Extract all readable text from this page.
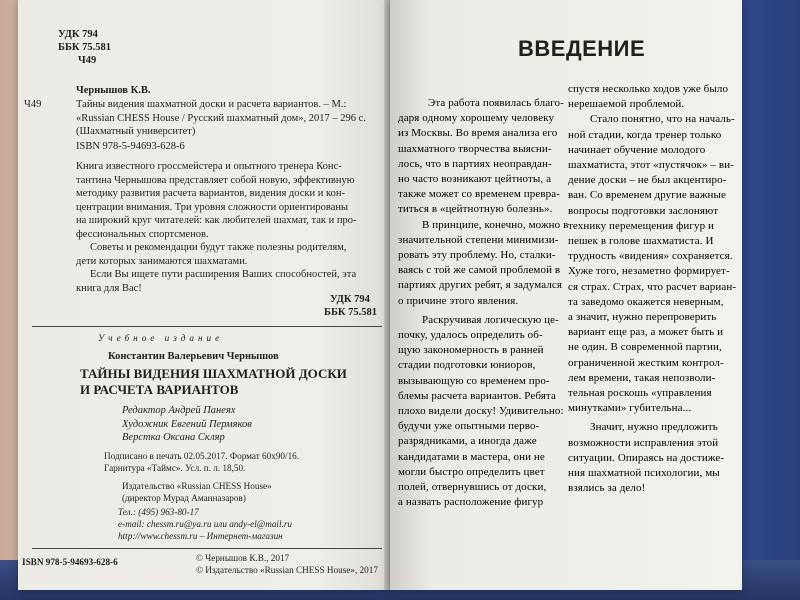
УДК 794
ББК 75.581
Ч49
Чернышов К.В.
Ч49	Тайны видения шахматной доски и расчета вариантов. – М.:
«Russian CHESS House / Русский шахматный дом», 2017 – 296 с.
(Шахматный университет)
ISBN 978-5-94693-628-6
Книга известного гроссмейстера и опытного тренера Конс-
тантина Чернышова представляет собой новую, эффективную
методику развития расчета вариантов, видения доски и кон-
центрации внимания. Три уровня сложности ориентированы
на широкий круг читателей: как любителей шахмат, так и про-
фессиональных спортсменов.
Советы и рекомендации будут также полезны родителям,
дети которых занимаются шахматами.
Если Вы ищете пути расширения Ваших способностей, эта
книга для Вас!
УДК 794
ББК 75.581
Учебное издание
Константин Валерьевич Чернышов
ТАЙНЫ ВИДЕНИЯ ШАХМАТНОЙ ДОСКИ
И РАСЧЕТА ВАРИАНТОВ
Редактор Андрей Панеях
Художник Евгений Пермяков
Верстка Оксана Скляр
Подписано в печать 02.05.2017. Формат 60x90/16.
Гарнитура «Таймс». Усл. п. л. 18,50.
Издательство «Russian CHESS House»
(директор Мурад Аманназаров)
Тел.: (495) 963-80-17
e-mail: chessm.ru@ya.ru или andy-el@mail.ru
http://www.chessm.ru – Интернет-магазин
ISBN 978-5-94693-628-6	© Чернышов К.В., 2017
© Издательство «Russian CHESS House», 2017
ВВЕДЕНИЕ
Эта работа появилась благо-
даря одному хорошему человеку
из Москвы. Во время анализа его
шахматного творчества выясни-
лось, что в партиях неоправдан-
но часто возникают цейтноты, а
также может со временем превра-
титься в «цейтнотную болезнь».
В принципе, конечно, можно в
значительной степени минимизи-
ровать эту проблему. Но, сталки-
ваясь с той же самой проблемой в
партиях других ребят, я задумался
о причине этого явления.
Раскручивая логическую це-
почку, удалось определить об-
щую закономерность в ранней
стадии подготовки юниоров,
вызывающую со временем про-
блемы расчета вариантов. Ребята
плохо видели доску! Удивительно:
будучи уже опытными перво-
разрядниками, а иногда даже
кандидатами в мастера, они не
могли быстро определить цвет
полей, отвернувшись от доски,
а назвать расположение фигур
спустя несколько ходов уже было
нерешаемой проблемой.
Стало понятно, что на началь-
ной стадии, когда тренер только
начинает обучение молодого
шахматиста, этот «пустячок» – ви-
дение доски – не был акцентиро-
ван. Со временем другие важные
вопросы подготовки заслоняют
технику перемещения фигур и
пешек в голове шахматиста. И
трудность «видения» сохраняется.
Хуже того, незаметно формирует-
ся страх. Страх, что расчет вариан-
та заведомо окажется неверным,
а значит, нужно перепроверить
вариант еще раз, а может быть и
не один. В современной партии,
ограниченной жестким контрол-
лем времени, такая непозволи-
тельная роскошь «управления
минутками» губительна...
Значит, нужно предложить
возможности исправления этой
ситуации. Опираясь на достиже-
ния шахматной психологии, мы
взялись за дело!
